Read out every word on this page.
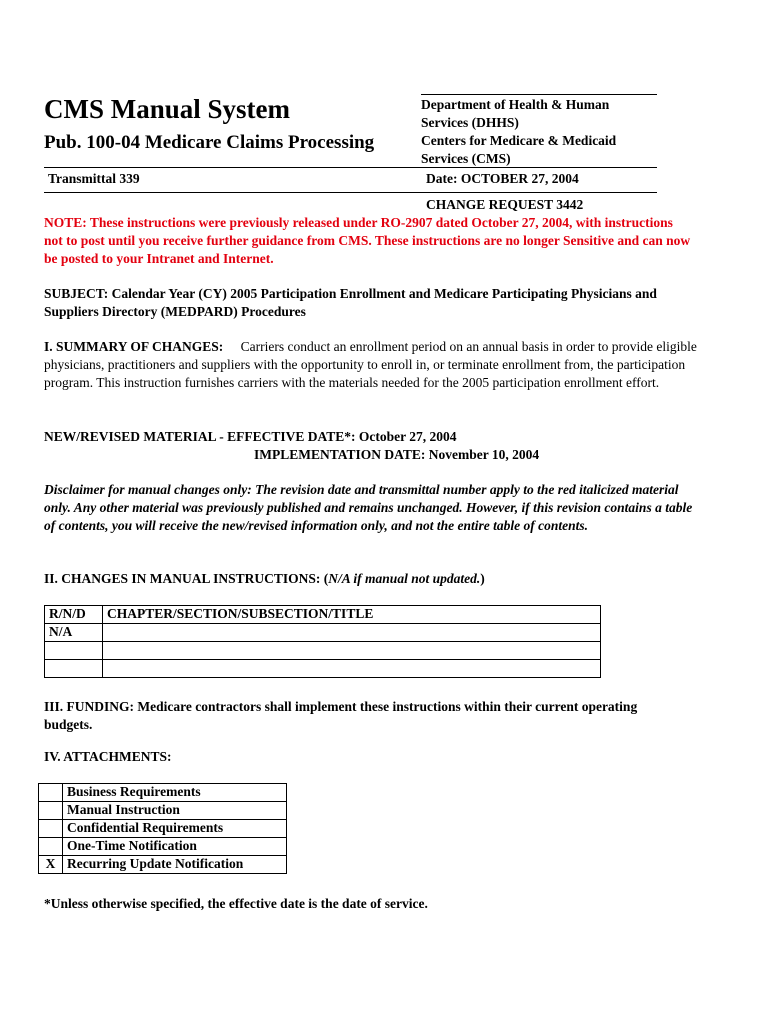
CMS Manual System
Pub. 100-04 Medicare Claims Processing
Department of Health & Human
Services (DHHS)
Centers for Medicare & Medicaid
Services (CMS)
Transmittal 339	Date: OCTOBER 27, 2004
CHANGE REQUEST 3442
NOTE: These instructions were previously released under RO-2907 dated October 27, 2004, with instructions not to post until you receive further guidance from CMS. These instructions are no longer Sensitive and can now be posted to your Intranet and Internet.
SUBJECT: Calendar Year (CY) 2005 Participation Enrollment and Medicare Participating Physicians and Suppliers Directory (MEDPARD) Procedures
I. SUMMARY OF CHANGES: Carriers conduct an enrollment period on an annual basis in order to provide eligible physicians, practitioners and suppliers with the opportunity to enroll in, or terminate enrollment from, the participation program. This instruction furnishes carriers with the materials needed for the 2005 participation enrollment effort.
NEW/REVISED MATERIAL - EFFECTIVE DATE*: October 27, 2004
IMPLEMENTATION DATE: November 10, 2004
Disclaimer for manual changes only: The revision date and transmittal number apply to the red italicized material only. Any other material was previously published and remains unchanged. However, if this revision contains a table of contents, you will receive the new/revised information only, and not the entire table of contents.
II. CHANGES IN MANUAL INSTRUCTIONS: (N/A if manual not updated.)
R/N/D	CHAPTER/SECTION/SUBSECTION/TITLE
N/A	

III. FUNDING: Medicare contractors shall implement these instructions within their current operating budgets.
IV. ATTACHMENTS:
	Business Requirements
	Manual Instruction
	Confidential Requirements
	One-Time Notification
X	Recurring Update Notification
*Unless otherwise specified, the effective date is the date of service.
